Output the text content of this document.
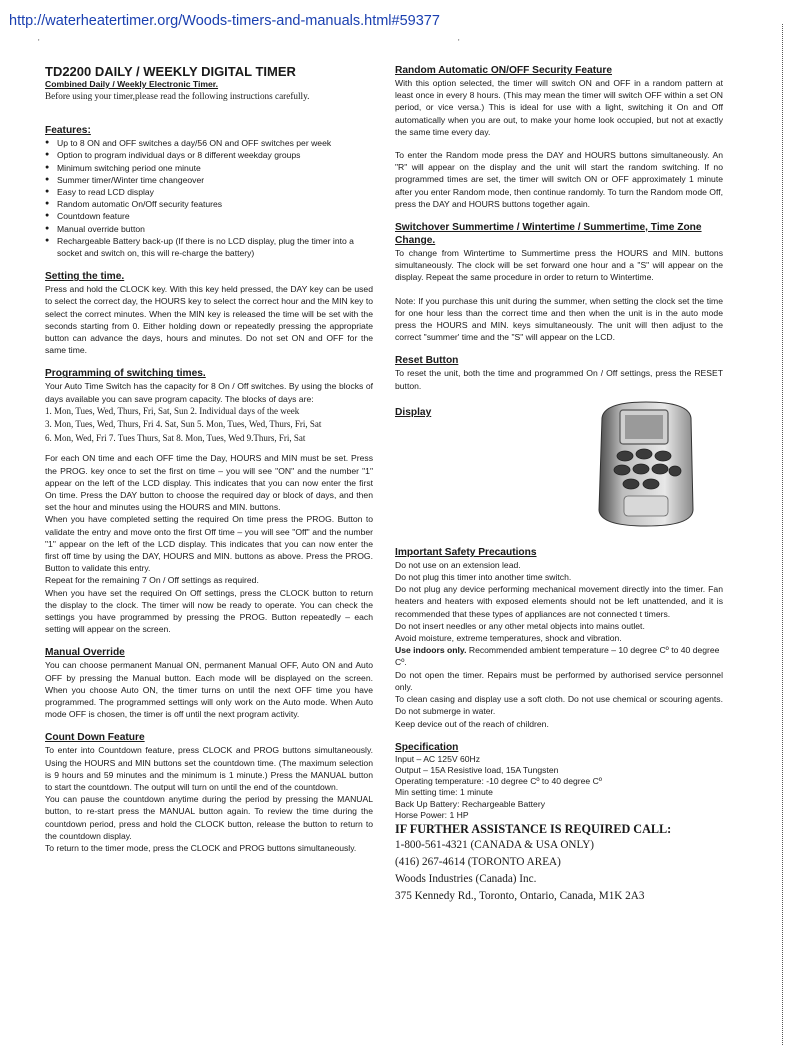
http://waterheatertimer.org/Woods-timers-and-manuals.html#59377
'	'
TD2200 DAILY / WEEKLY DIGITAL TIMER
Combined Daily / Weekly Electronic Timer.

Before using your timer,please read the following instructions carefully.

Features:
● Up to 8 ON and OFF switches a day/56 ON and OFF switches per week
● Option to program individual days or 8 different weekday groups
● Minimum switching period one minute
● Summer timer/Winter time changeover
● Easy to read LCD display
● Random automatic On/Off security features
● Countdown feature
● Manual override button
● Rechargeable Battery back-up (If there is no LCD display, plug the timer into a socket and switch on, this will re-charge the battery)
Setting the time.

Press and hold the CLOCK key. With this key held pressed, the DAY key can be used to select the correct day, the HOURS key to select the correct hour and the MIN key to select the correct minutes. When the MIN key is released the time will be set with the seconds starting from 0. Either holding down or repeatedly pressing the appropriate button can advance the days, hours and minutes. Do not set ON and OFF for the same time.

Programming of switching times.

Your Auto Time Switch has the capacity for 8 On / Off switches. By using the blocks of days available you can save program capacity. The blocks of days are:

1. Mon, Tues, Wed, Thurs, Fri, Sat, Sun 2. Individual days of the week
3. Mon, Tues, Wed, Thurs, Fri 4. Sat, Sun 5. Mon, Tues, Wed, Thurs, Fri, Sat
6. Mon, Wed, Fri 7. Tues Thurs, Sat 8. Mon, Tues, Wed 9.Thurs, Fri, Sat

For each ON time and each OFF time the Day, HOURS and MIN must be set. Press the PROG. key once to set the first on time – you will see "ON" and the number "1" appear on the left of the LCD display. This indicates that you can now enter the first On time. Press the DAY button to choose the required day or block of days, and then set the hour and minutes using the HOURS and MIN. buttons.

When you have completed setting the required On time press the PROG. Button to validate the entry and move onto the first Off time – you will see "Off" and the number "1" appear on the left of the LCD display. This indicates that you can now enter the first off time by using the DAY, HOURS and MIN. buttons as above. Press the PROG. Button to validate this entry.

Repeat for the remaining 7 On / Off settings as required.

When you have set the required On Off settings, press the CLOCK button to return the display to the clock. The timer will now be ready to operate. You can check the settings you have programmed by pressing the PROG. Button repeatedly – each setting will appear on the screen.

Manual Override

You can choose permanent Manual ON, permanent Manual OFF, Auto ON and Auto OFF by pressing the Manual button. Each mode will be displayed on the screen. When you choose Auto ON, the timer turns on until the next OFF time you have programmed. The programmed settings will only work on the Auto mode. When Auto mode OFF is chosen, the timer is off until the next program activity.

Count Down Feature

To enter into Countdown feature, press CLOCK and PROG buttons simultaneously. Using the HOURS and MIN buttons set the countdown time. (The maximum selection is 9 hours and 59 minutes and the minimum is 1 minute.) Press the MANUAL button to start the countdown. The output will turn on until the end of the countdown.

You can pause the countdown anytime during the period by pressing the MANUAL button, to re-start press the MANUAL button again. To review the time during the countdown period, press and hold the CLOCK button, release the button to return to the countdown display.

To return to the timer mode, press the CLOCK and PROG buttons simultaneously.

Random Automatic ON/OFF Security Feature

With this option selected, the timer will switch ON and OFF in a random pattern at least once in every 8 hours. (This may mean the timer will switch OFF within a set ON period, or vice versa.) This is ideal for use with a light, switching it On and Off automatically when you are out, to make your home look occupied, but not at exactly the same time every day.

To enter the Random mode press the DAY and HOURS buttons simultaneously. An "R" will appear on the display and the unit will start the random switching. If no programmed times are set, the timer will switch ON or OFF approximately 1 minute after you enter Random mode, then continue randomly. To turn the Random mode Off, press the DAY and HOURS buttons together again.

Switchover Summertime / Wintertime / Summertime, Time Zone Change.

To change from Wintertime to Summertime press the HOURS and MIN. buttons simultaneously. The clock will be set forward one hour and a "S" will appear on the display. Repeat the same procedure in order to return to Wintertime.

Note: If you purchase this unit during the summer, when setting the clock set the time for one hour less than the correct time and then when the unit is in the auto mode press the HOURS and MIN. keys simultaneously. The unit will then adjust to the correct "summer' time and the "S" will appear on the LCD.

Reset Button

To reset the unit, both the time and programmed On / Off settings, press the RESET button.

Display
Important Safety Precautions

Do not use on an extension lead.

Do not plug this timer into another time switch.

Do not plug any device performing mechanical movement directly into the timer. Fan heaters and heaters with exposed elements should not be left unattended, and it is recommended that these types of appliances are not connected t timers.

Do not insert needles or any other metal objects into mains outlet.

Avoid moisture, extreme temperatures, shock and vibration.

Use indoors only. Recommended ambient temperature – 10 degree Cº to 40 degree Cº.

Do not open the timer. Repairs must be performed by authorised service personnel only.

To clean casing and display use a soft cloth. Do not use chemical or scouring agents. Do not submerge in water.

Keep device out of the reach of children.

Specification
Input – AC 125V 60Hz
Output – 15A Resistive load, 15A Tungsten
Operating temperature: -10 degree Cº to 40 degree Cº
Min setting time: 1 minute
Back Up Battery: Rechargeable Battery
Horse Power: 1 HP
IF FURTHER ASSISTANCE IS REQUIRED CALL:
1-800-561-4321 (CANADA & USA ONLY)
(416) 267-4614 (TORONTO AREA)
Woods Industries (Canada) Inc.
375 Kennedy Rd., Toronto, Ontario, Canada, M1K 2A3
